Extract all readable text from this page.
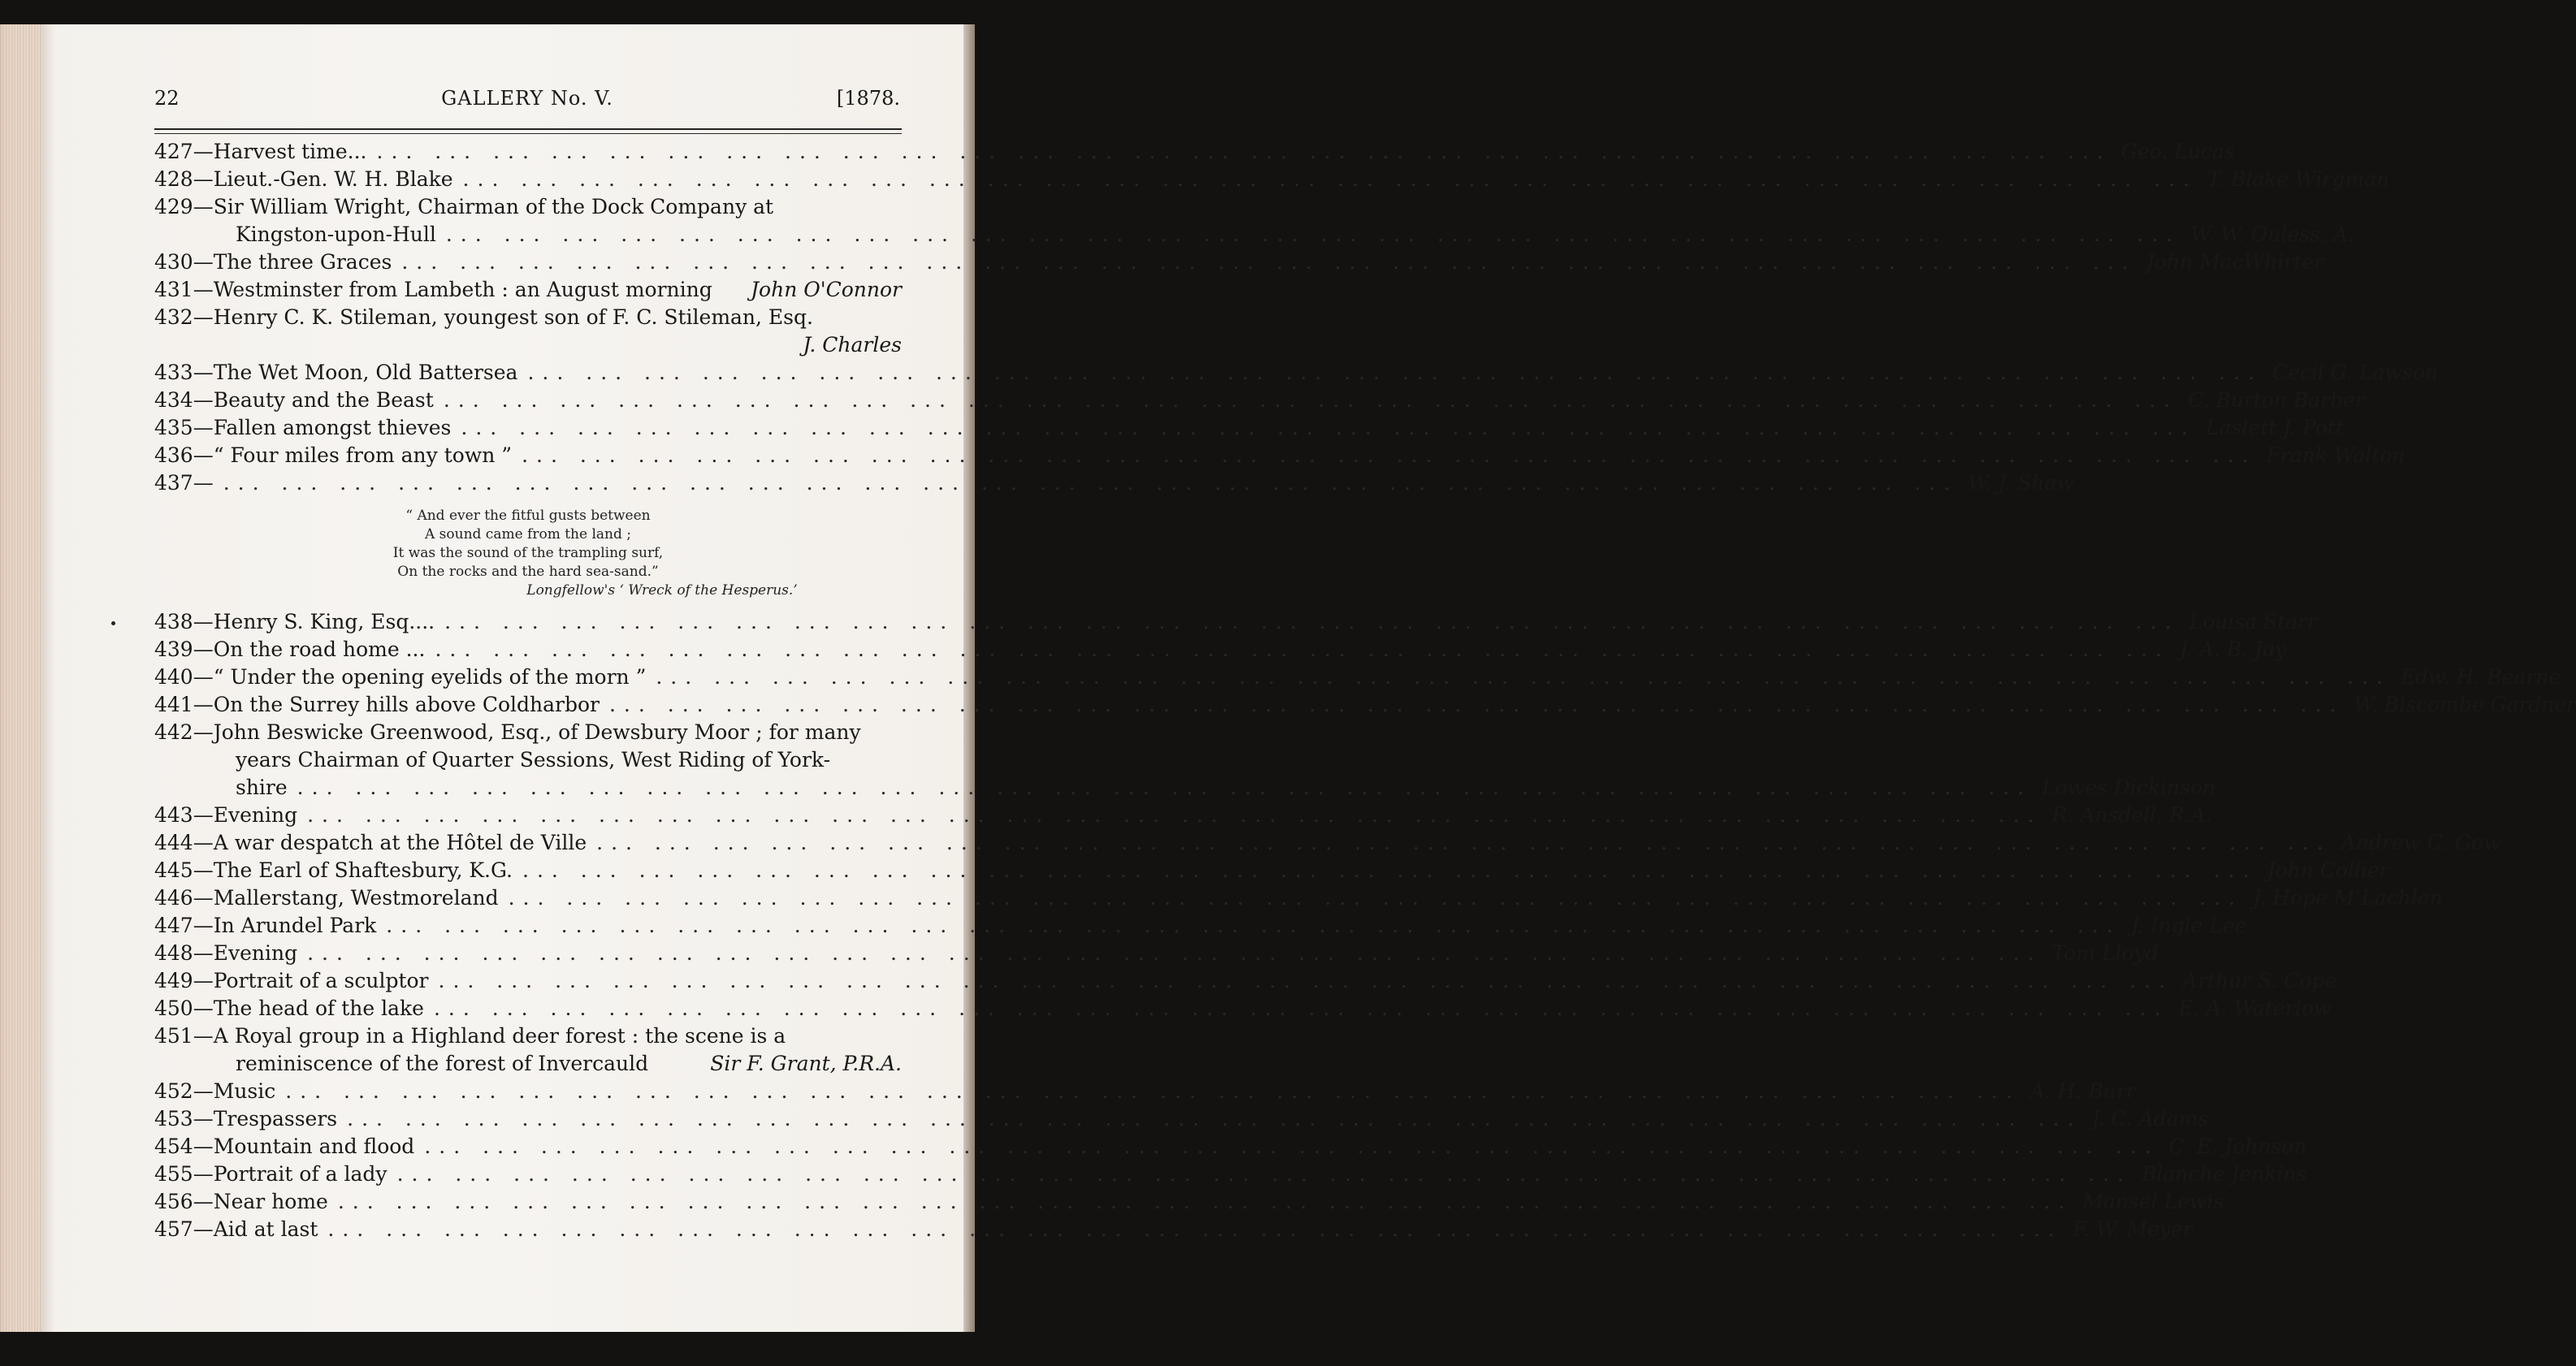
22	GALLERY No. V.	[1878.
427—Harvest time... ... ... ... ... ... ... ... ... ... ... ... ... ... ... ... ... ... ... ... ... ... ... ... ... ... ... ... ... ... ... Geo. Lucas
428—Lieut.-Gen. W. H. Blake ... ... ... ... ... ... ... ... ... ... ... ... ... ... ... ... ... ... ... ... ... ... ... ... ... ... ... ... ... ... T. Blake Wirgman
429—Sir William Wright, Chairman of the Dock Company at
Kingston-upon-Hull ... ... ... ... ... ... ... ... ... ... ... ... ... ... ... ... ... ... ... ... ... ... ... ... ... ... ... ... ... ... W. W. Ouless, A.
430—The three Graces ... ... ... ... ... ... ... ... ... ... ... ... ... ... ... ... ... ... ... ... ... ... ... ... ... ... ... ... ... ... John MacWhirter
431—Westminster from Lambeth : an August morning John O'Connor
432—Henry C. K. Stileman, youngest son of F. C. Stileman, Esq.
J. Charles
433—The Wet Moon, Old Battersea ... ... ... ... ... ... ... ... ... ... ... ... ... ... ... ... ... ... ... ... ... ... ... ... ... ... ... ... ... ... Cecil G. Lawson
434—Beauty and the Beast ... ... ... ... ... ... ... ... ... ... ... ... ... ... ... ... ... ... ... ... ... ... ... ... ... ... ... ... ... ... C. Burton Barber
435—Fallen amongst thieves ... ... ... ... ... ... ... ... ... ... ... ... ... ... ... ... ... ... ... ... ... ... ... ... ... ... ... ... ... ... Laslett J. Pott
436—“ Four miles from any town ” ... ... ... ... ... ... ... ... ... ... ... ... ... ... ... ... ... ... ... ... ... ... ... ... ... ... ... ... ... ... Frank Walton
437— ... ... ... ... ... ... ... ... ... ... ... ... ... ... ... ... ... ... ... ... ... ... ... ... ... ... ... ... ... ... W. J. Shaw
“ And ever the fitful gusts between
A sound came from the land ;
It was the sound of the trampling surf,
On the rocks and the hard sea-sand.”
Longfellow's ‘ Wreck of the Hesperus.’
438—Henry S. King, Esq.... ... ... ... ... ... ... ... ... ... ... ... ... ... ... ... ... ... ... ... ... ... ... ... ... ... ... ... ... ... ... Louisa Starr
439—On the road home ... ... ... ... ... ... ... ... ... ... ... ... ... ... ... ... ... ... ... ... ... ... ... ... ... ... ... ... ... ... ... J. A. B. Jay
440—“ Under the opening eyelids of the morn ” ... ... ... ... ... ... ... ... ... ... ... ... ... ... ... ... ... ... ... ... ... ... ... ... ... ... ... ... ... ... Edw. H. Bearne
441—On the Surrey hills above Coldharbor ... ... ... ... ... ... ... ... ... ... ... ... ... ... ... ... ... ... ... ... ... ... ... ... ... ... ... ... ... ... W. Biscombe Gardner
442—John Beswicke Greenwood, Esq., of Dewsbury Moor ; for many
years Chairman of Quarter Sessions, West Riding of York-
shire ... ... ... ... ... ... ... ... ... ... ... ... ... ... ... ... ... ... ... ... ... ... ... ... ... ... ... ... ... ... Lowes Dickinson
443—Evening ... ... ... ... ... ... ... ... ... ... ... ... ... ... ... ... ... ... ... ... ... ... ... ... ... ... ... ... ... ... R. Ansdell, R.A.
444—A war despatch at the Hôtel de Ville ... ... ... ... ... ... ... ... ... ... ... ... ... ... ... ... ... ... ... ... ... ... ... ... ... ... ... ... ... ... Andrew C. Gow
445—The Earl of Shaftesbury, K.G. ... ... ... ... ... ... ... ... ... ... ... ... ... ... ... ... ... ... ... ... ... ... ... ... ... ... ... ... ... ... John Collier
446—Mallerstang, Westmoreland ... ... ... ... ... ... ... ... ... ... ... ... ... ... ... ... ... ... ... ... ... ... ... ... ... ... ... ... ... ... J. Hope M‘Lachlan
447—In Arundel Park ... ... ... ... ... ... ... ... ... ... ... ... ... ... ... ... ... ... ... ... ... ... ... ... ... ... ... ... ... ... J. Ingle Lee
448—Evening ... ... ... ... ... ... ... ... ... ... ... ... ... ... ... ... ... ... ... ... ... ... ... ... ... ... ... ... ... ... Tom Lloyd
449—Portrait of a sculptor ... ... ... ... ... ... ... ... ... ... ... ... ... ... ... ... ... ... ... ... ... ... ... ... ... ... ... ... ... ... Arthur S. Cope
450—The head of the lake ... ... ... ... ... ... ... ... ... ... ... ... ... ... ... ... ... ... ... ... ... ... ... ... ... ... ... ... ... ... E. A. Waterlow
451—A Royal group in a Highland deer forest : the scene is a
reminiscence of the forest of Invercauld	Sir F. Grant, P.R.A.
452—Music ... ... ... ... ... ... ... ... ... ... ... ... ... ... ... ... ... ... ... ... ... ... ... ... ... ... ... ... ... ... A. H. Burr
453—Trespassers ... ... ... ... ... ... ... ... ... ... ... ... ... ... ... ... ... ... ... ... ... ... ... ... ... ... ... ... ... ... J. C. Adams
454—Mountain and flood ... ... ... ... ... ... ... ... ... ... ... ... ... ... ... ... ... ... ... ... ... ... ... ... ... ... ... ... ... ... C. E. Johnson
455—Portrait of a lady ... ... ... ... ... ... ... ... ... ... ... ... ... ... ... ... ... ... ... ... ... ... ... ... ... ... ... ... ... ... Blanche Jenkins
456—Near home ... ... ... ... ... ... ... ... ... ... ... ... ... ... ... ... ... ... ... ... ... ... ... ... ... ... ... ... ... ... Mansel Lewis
457—Aid at last ... ... ... ... ... ... ... ... ... ... ... ... ... ... ... ... ... ... ... ... ... ... ... ... ... ... ... ... ... ... F. W. Meyer
